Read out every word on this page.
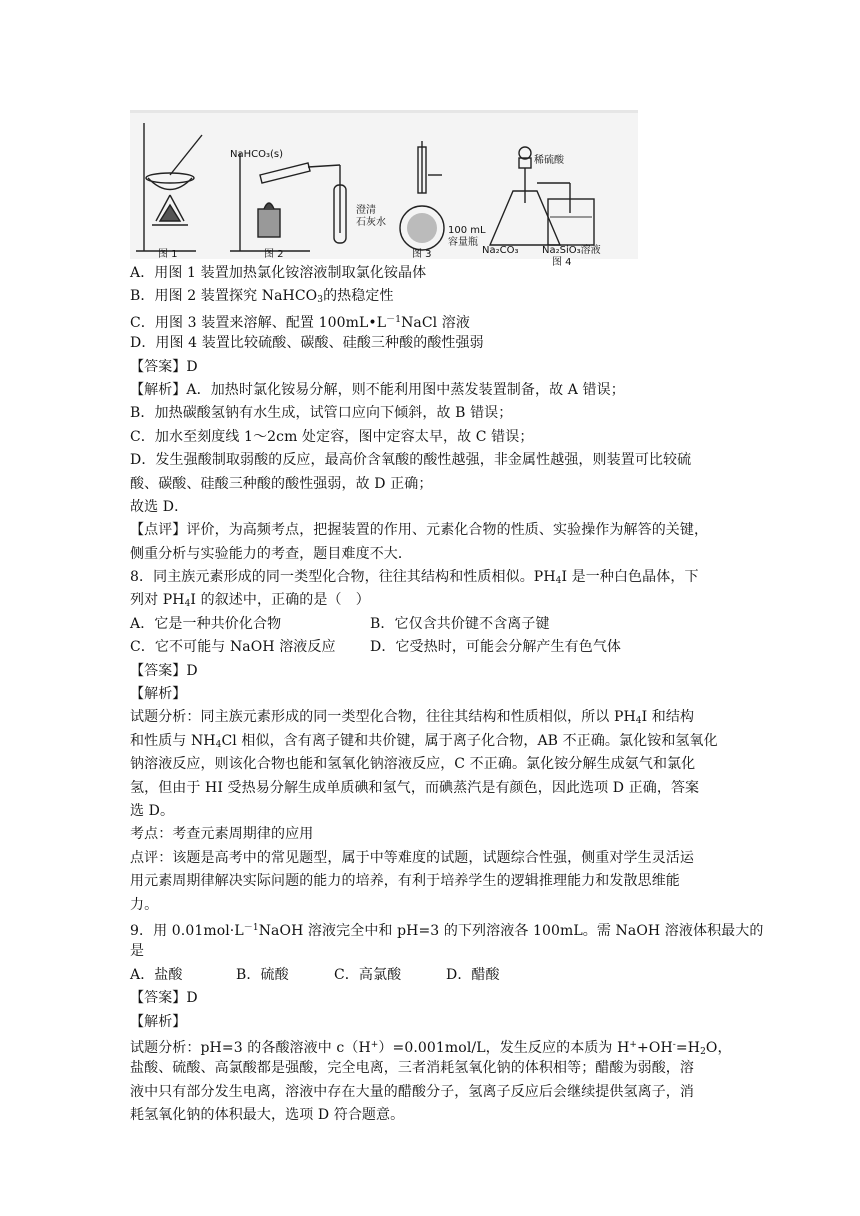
图 1	图 2
NaHCO₃(s)
澄清
石灰水
图 3
100 mL
容量瓶
稀硫酸
Na₂CO₃ Na₂SiO₃溶液
图 4
A．用图 1 装置加热氯化铵溶液制取氯化铵晶体
B．用图 2 装置探究 NaHCO$_3$的热稳定性
C．用图 3 装置来溶解、配置 $100mL•L^{-1}NaCl$ 溶液
D．用图 4 装置比较硫酸、碳酸、硅酸三种酸的酸性强弱
【答案】D
【解析】A．加热时氯化铵易分解，则不能利用图中蒸发装置制备，故 A 错误；
B．加热碳酸氢钠有水生成，试管口应向下倾斜，故 B 错误；
C．加水至刻度线 1～2cm 处定容，图中定容太早，故 C 错误；
D．发生强酸制取弱酸的反应，最高价含氧酸的酸性越强，非金属性越强，则装置可比较硫
酸、碳酸、硅酸三种酸的酸性强弱，故 D 正确；
故选 D．
【点评】评价，为高频考点，把握装置的作用、元素化合物的性质、实验操作为解答的关键，
侧重分析与实验能力的考查，题目难度不大．
8．同主族元素形成的同一类型化合物，往往其结构和性质相似。$PH_4I$ 是一种白色晶体，下
列对 $PH_4I$ 的叙述中，正确的是（　）
A．它是一种共价化合物	B．它仅含共价键不含离子键
C．它不可能与 NaOH 溶液反应 D．它受热时，可能会分解产生有色气体
【答案】D
【解析】
试题分析：同主族元素形成的同一类型化合物，往往其结构和性质相似，所以 $PH_4I$ 和结构
和性质与 $NH_4Cl$ 相似，含有离子键和共价键，属于离子化合物，AB 不正确。氯化铵和氢氧化
钠溶液反应，则该化合物也能和氢氧化钠溶液反应，C 不正确。氯化铵分解生成氨气和氯化
氢，但由于 HI 受热易分解生成单质碘和氢气，而碘蒸汽是有颜色，因此选项 D 正确，答案
选 D。
考点：考查元素周期律的应用
点评：该题是高考中的常见题型，属于中等难度的试题，试题综合性强，侧重对学生灵活运
用元素周期律解决实际问题的能力的培养，有利于培养学生的逻辑推理能力和发散思维能
力。
9．用 $0.01mol\cdot L^{-1}NaOH$ 溶液完全中和 pH=3 的下列溶液各 100mL。需 NaOH 溶液体积最大的
是
A．盐酸	B．硫酸	C．高氯酸	D．醋酸
【答案】D
【解析】
试题分析：pH=3 的各酸溶液中 c（H+）=0.001mol/L，发生反应的本质为 $H^++OH^-=H_2O$，
盐酸、硫酸、高氯酸都是强酸，完全电离，三者消耗氢氧化钠的体积相等；醋酸为弱酸，溶
液中只有部分发生电离，溶液中存在大量的醋酸分子，氢离子反应后会继续提供氢离子，消
耗氢氧化钠的体积最大，选项 D 符合题意。
